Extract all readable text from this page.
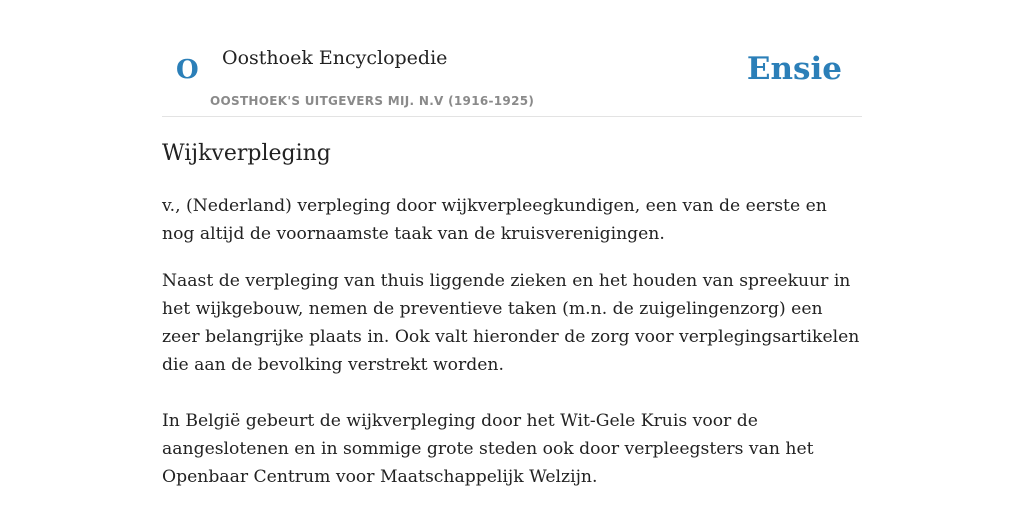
O Oosthoek Encyclopedie
OOSTHOEK'S UITGEVERS MIJ. N.V (1916-1925)
Ensie
Wijkverpleging

v., (Nederland) verpleging door wijkverpleegkundigen, een van de eerste en nog altijd de voornaamste taak van de kruisverenigingen.

Naast de verpleging van thuis liggende zieken en het houden van spreekuur in het wijkgebouw, nemen de preventieve taken (m.n. de zuigelingenzorg) een zeer belangrijke plaats in. Ook valt hieronder de zorg voor verplegingsartikelen die aan de bevolking verstrekt worden.

In België gebeurt de wijkverpleging door het Wit-Gele Kruis voor de aangeslotenen en in sommige grote steden ook door verpleegsters van het Openbaar Centrum voor Maatschappelijk Welzijn.
